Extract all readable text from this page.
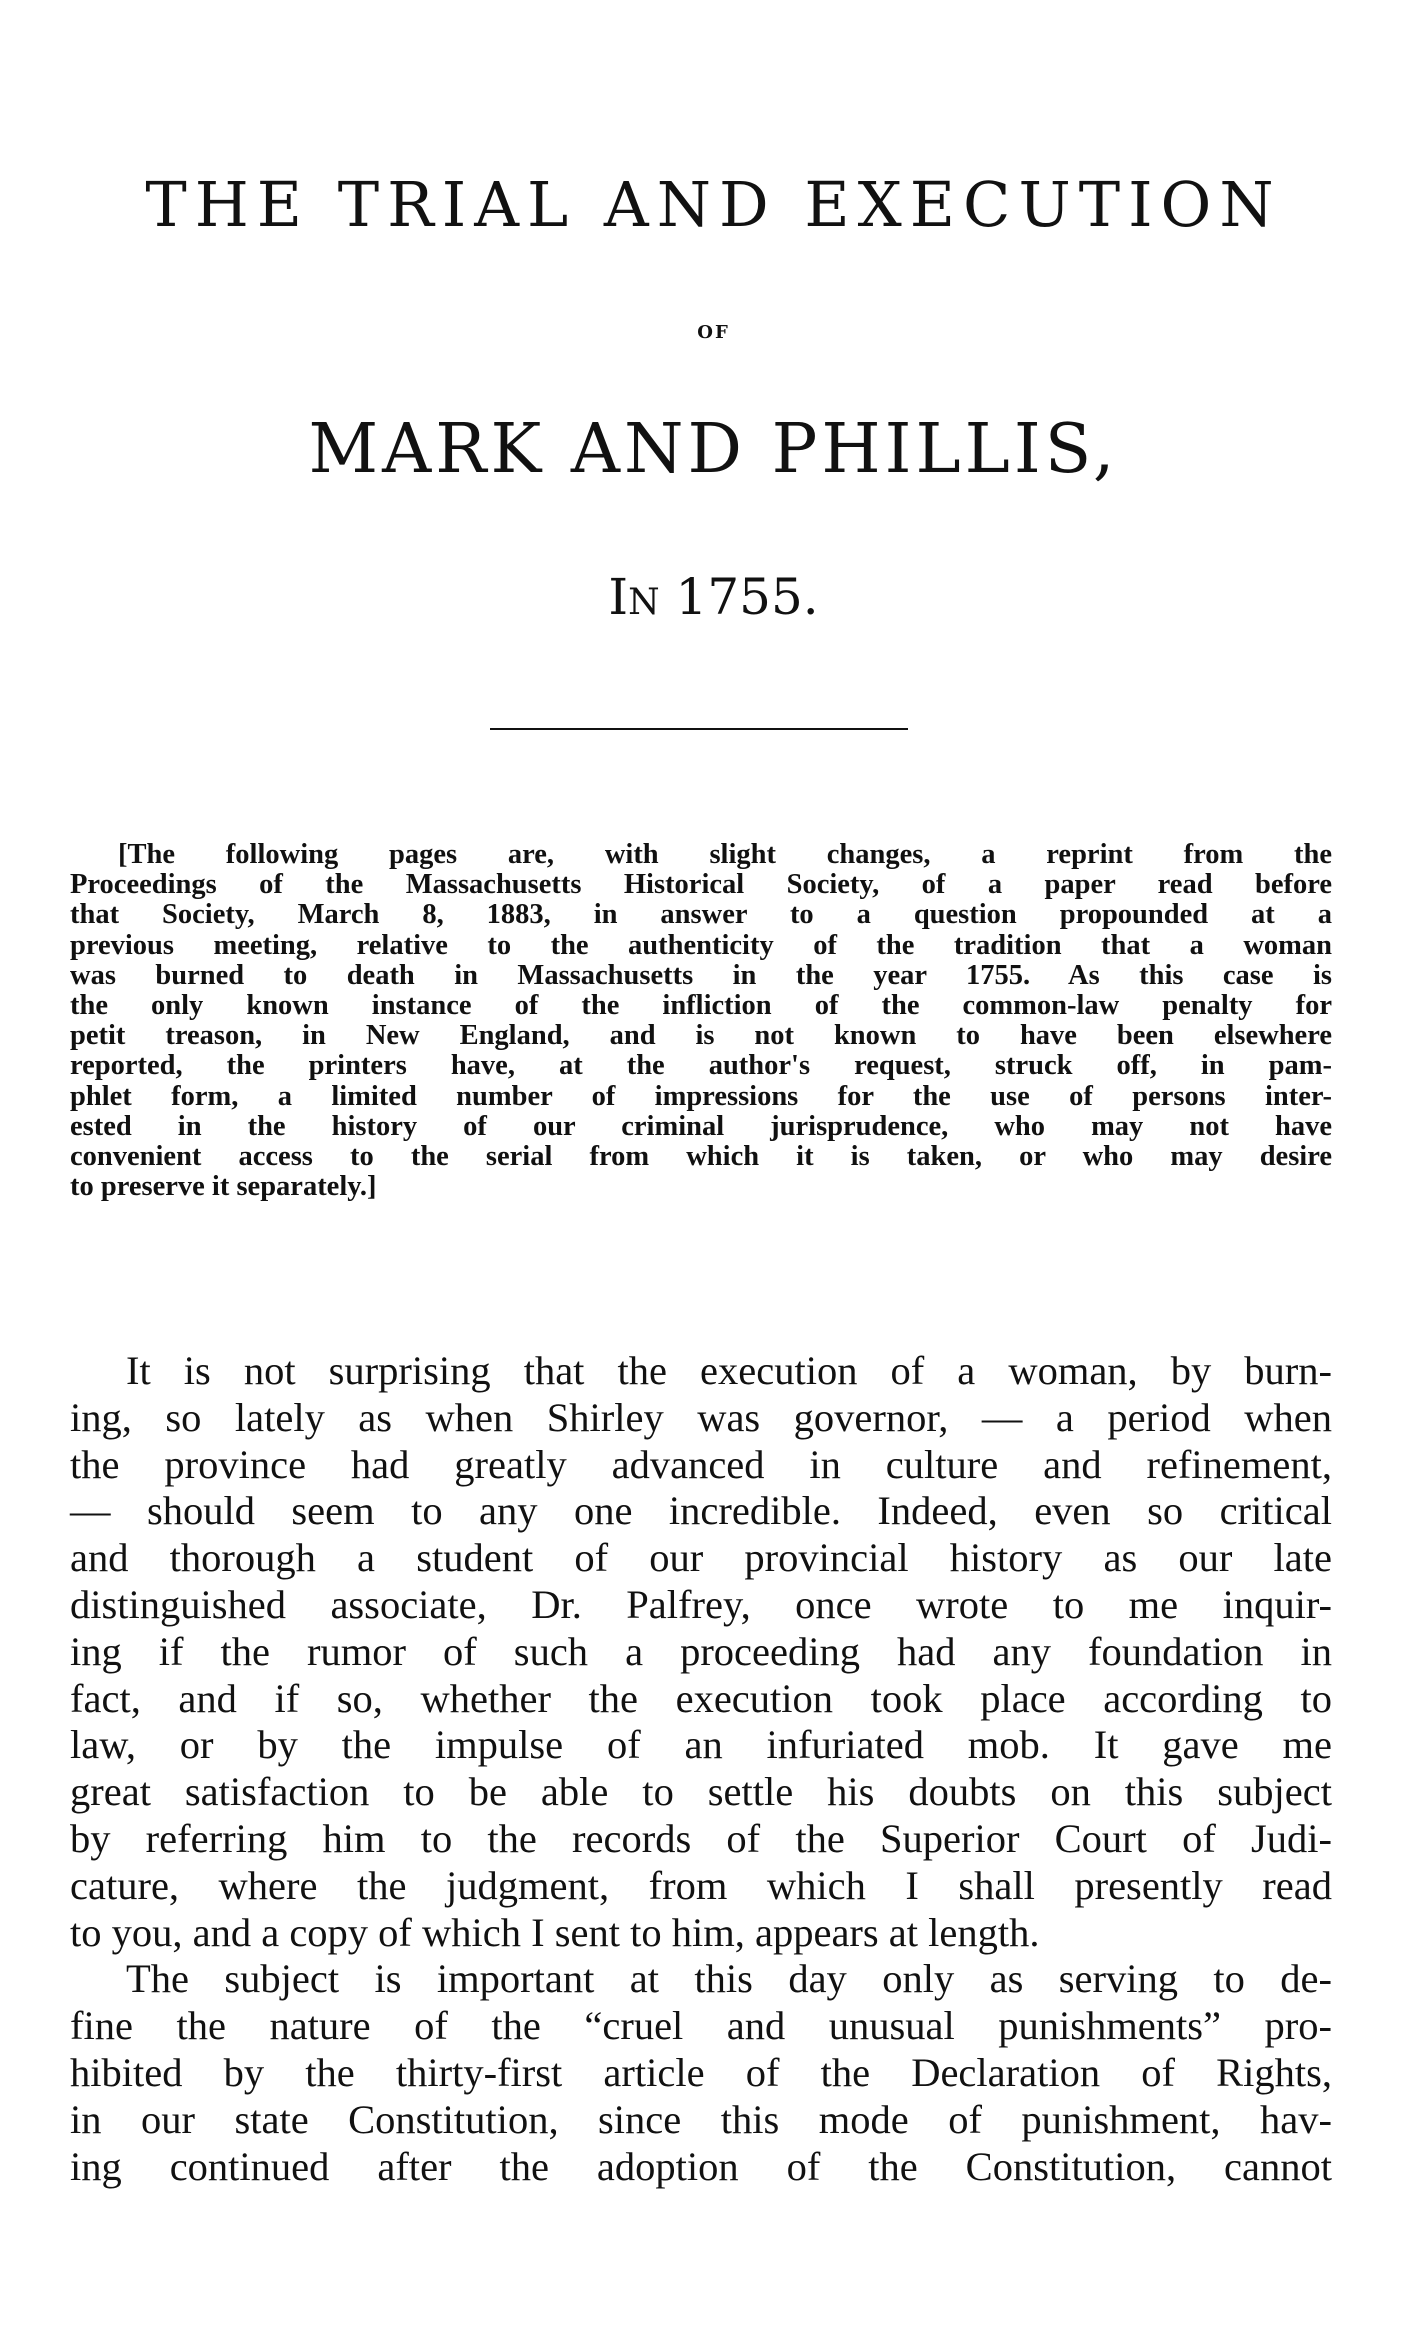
THE TRIAL AND EXECUTION
OF
MARK AND PHILLIS,
IN 1755.
[The following pages are, with slight changes, a reprint from the
Proceedings of the Massachusetts Historical Society, of a paper read before
that Society, March 8, 1883, in answer to a question propounded at a
previous meeting, relative to the authenticity of the tradition that a woman
was burned to death in Massachusetts in the year 1755. As this case is
the only known instance of the infliction of the common-law penalty for
petit treason, in New England, and is not known to have been elsewhere
reported, the printers have, at the author's request, struck off, in pam-
phlet form, a limited number of impressions for the use of persons inter-
ested in the history of our criminal jurisprudence, who may not have
convenient access to the serial from which it is taken, or who may desire
to preserve it separately.]
It is not surprising that the execution of a woman, by burn-
ing, so lately as when Shirley was governor, — a period when
the province had greatly advanced in culture and refinement,
— should seem to any one incredible. Indeed, even so critical
and thorough a student of our provincial history as our late
distinguished associate, Dr. Palfrey, once wrote to me inquir-
ing if the rumor of such a proceeding had any foundation in
fact, and if so, whether the execution took place according to
law, or by the impulse of an infuriated mob. It gave me
great satisfaction to be able to settle his doubts on this subject
by referring him to the records of the Superior Court of Judi-
cature, where the judgment, from which I shall presently read
to you, and a copy of which I sent to him, appears at length.
The subject is important at this day only as serving to de-
fine the nature of the “cruel and unusual punishments” pro-
hibited by the thirty-first article of the Declaration of Rights,
in our state Constitution, since this mode of punishment, hav-
ing continued after the adoption of the Constitution, cannot
